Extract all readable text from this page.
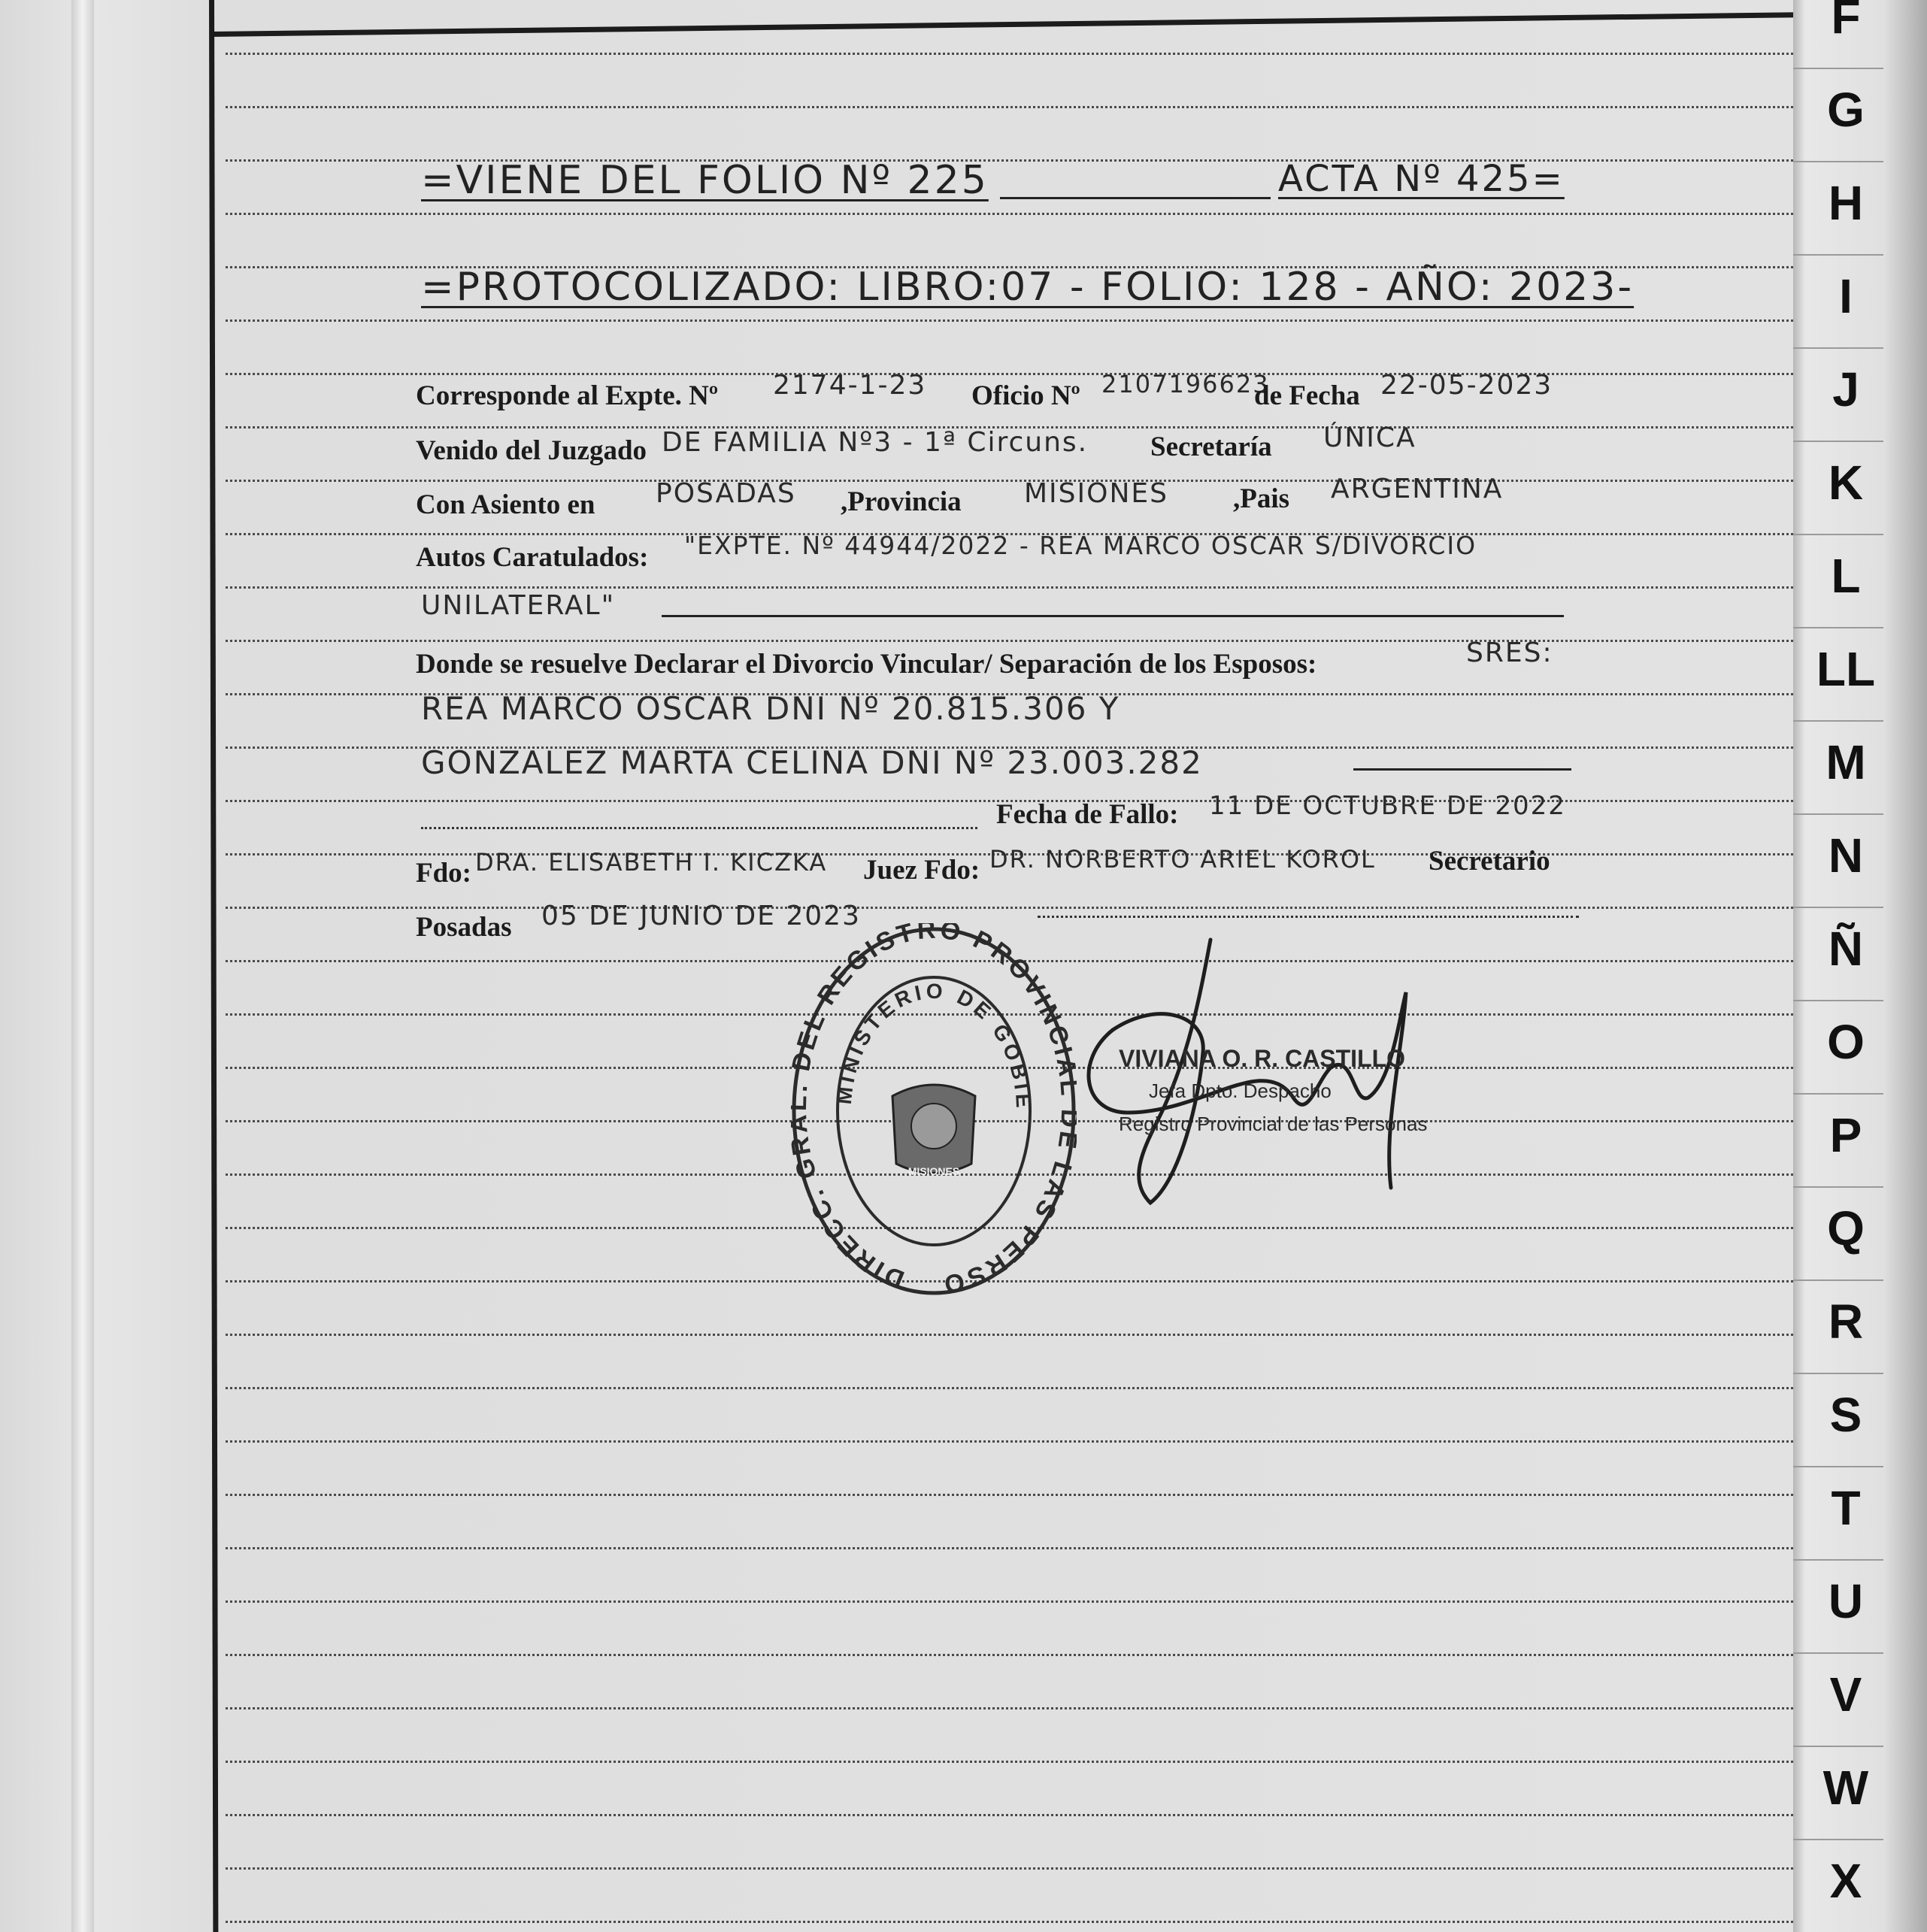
=VIENE DEL FOLIO Nº 225	ACTA Nº 425=
=PROTOCOLIZADO: LIBRO:07 - FOLIO: 128 - AÑO: 2023-
Corresponde al Expte. Nº 2174-1-23 Oficio Nº 2107196623
de Fecha 22-05-2023
Venido del Juzgado DE FAMILIA Nº3 - 1ª Circuns. Secretaría ÚNICA
Con Asiento en POSADAS ,Provincia MISIONES ,Pais ARGENTINA
Autos Caratulados: "EXPTE. Nº 44944/2022 - REA MARCO OSCAR S/DIVORCIO
UNILATERAL"
Donde se resuelve Declarar el Divorcio Vincular/ Separación de los Esposos:	SRES:
REA MARCO OSCAR DNI Nº 20.815.306 Y
GONZALEZ MARTA CELINA DNI Nº 23.003.282
Fecha de Fallo: 11 DE OCTUBRE DE 2022
Fdo: DRA. ELISABETH I. KICZKA Juez Fdo: DR. NORBERTO ARIEL KOROL Secretario
Posadas 05 DE JUNIO DE 2023
DIRECC. G EL REGISTRO PROVINCI LAS PERSO
MINISTERIO DE GOBIE
MISIONES
VIVIANA O. R. CASTILLO
Jefa Dpto. Despacho
Registro Provincial de las Personas
F
G
H
I
J
K
L
LL
M
N
Ñ
O
P
Q
R
S
T
U
V
W
X
